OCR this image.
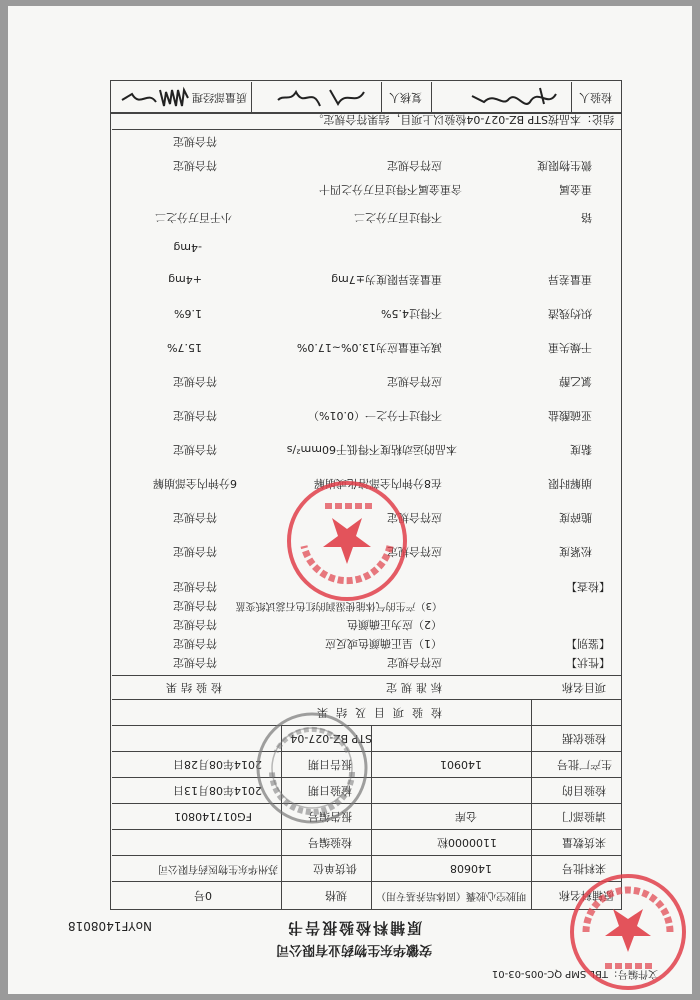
文件编号：TBL SMP QC-005-03-01
安徽华东生物药业有限公司
原辅料检验报告书
NoYF1408018
原辅料名称
明胶空心胶囊（固体培养基专用）
规格
0号
来料批号
140608
供货单位
苏州华东生物医药有限公司
来货数量
1100000粒
检验编号
请验部门
仓库
报告编号
FG017140801
检验目的
检验日期
2014年08月13日
生产厂批号
140901
报告日期
2014年08月28日
检验依据
STP BZ-027-04
检验项目及结果
项目名称
标准规定
检验结果
【性状】
应符合规定
符合规定
【鉴别】
（1）呈正确颜色或反应
符合规定
（2）应为正确颜色
符合规定
（3）产生的气体能使湿润的红色石蕊试纸变蓝
符合规定
【检查】
符合规定
松紧度
应符合规定
符合规定
脆碎度
应符合规定
符合规定
崩解时限
在8分钟内全部溶化或崩解
6分钟内全部崩解
黏度
本品的运动粘度不得低于60mm²/s
符合规定
亚硫酸盐
不得过千分之一（0.01%）
符合规定
氯乙醇
应符合规定
符合规定
干燥失重
减失重量应为13.0%~17.0%
15.7%
炽灼残渣
不得过4.5%
1.6%
重量差异
重量差异限度为±7mg
+4mg
-4mg
铬
不得过百万分之二
小于百万分之二
重金属
含重金属不得过百万分之四十
微生物限度
应符合规定
符合规定
符合规定
结论：本品按STP BZ-027-04检验以上项目，结果符合规定。
检验人
复核人
质量部经理
